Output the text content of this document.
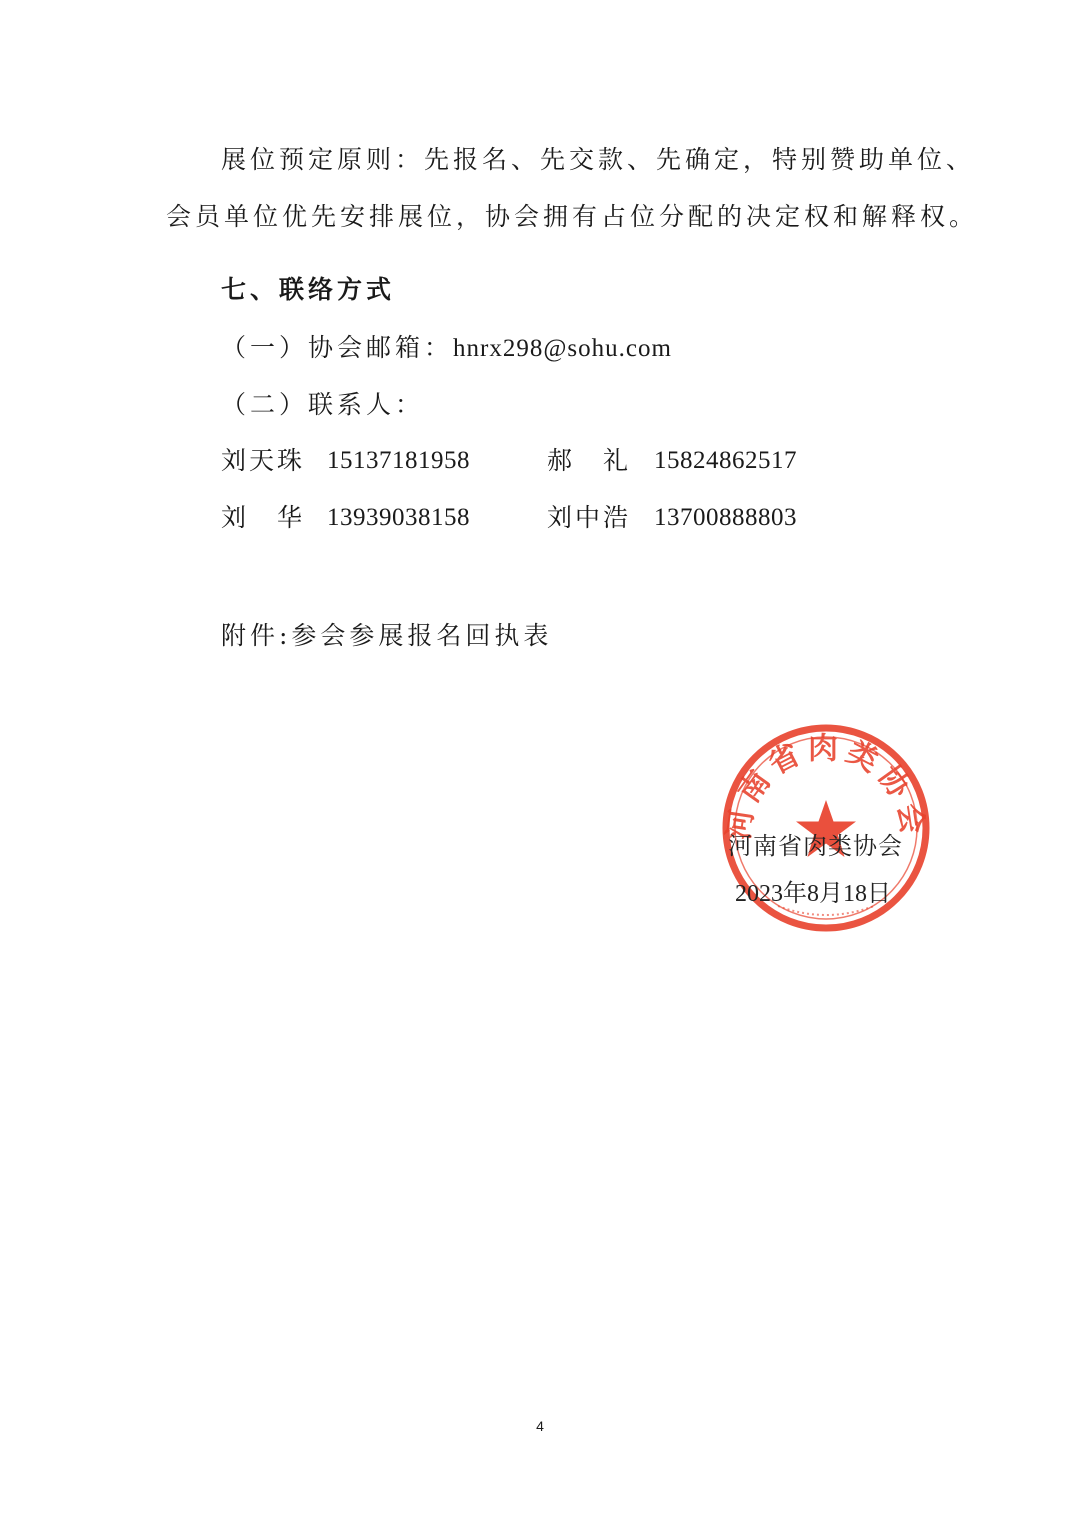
展位预定原则：先报名、先交款、先确定，特别赞助单位、
会员单位优先安排展位，协会拥有占位分配的决定权和解释权。
七、联络方式
（一）协会邮箱：hnrx298@sohu.com
（二）联系人：
刘天珠 15137181958	郝　礼 15824862517
刘　华 13939038158	刘中浩 13700888803
附件:参会参展报名回执表
河南省肉类协会
河南省肉类协会
2023年8月18日
4
